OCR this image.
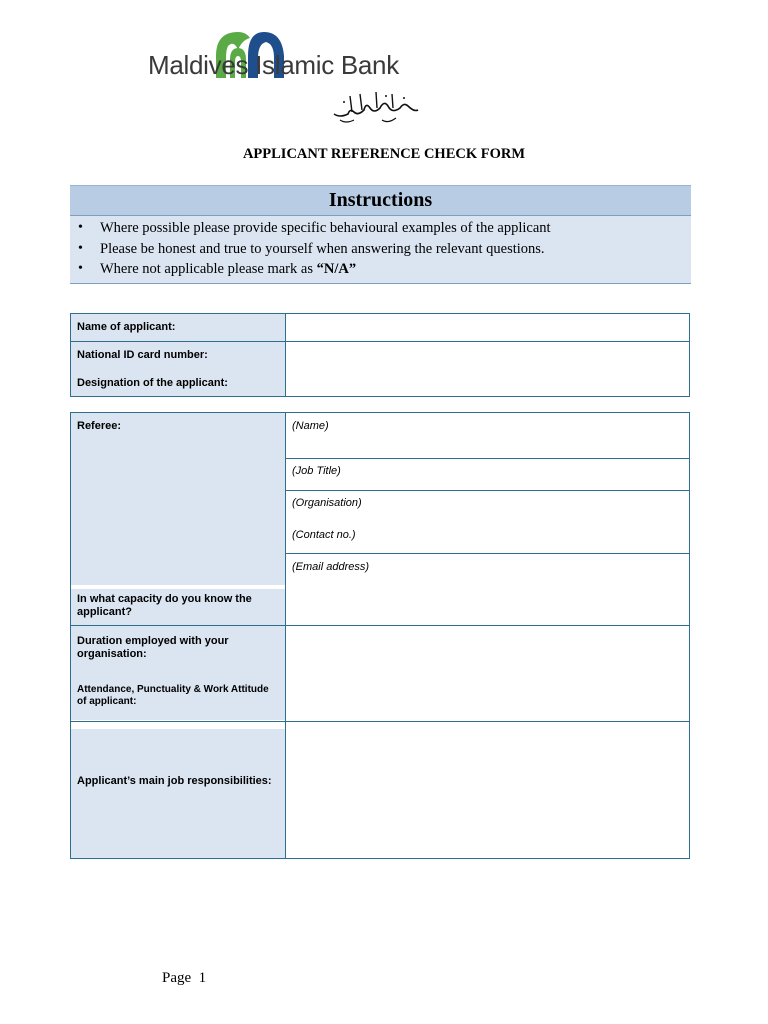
Maldives Islamic Bank
APPLICANT REFERENCE CHECK FORM
Instructions
• Where possible please provide specific behavioural examples of the applicant
• Please be honest and true to yourself when answering the relevant questions.
• Where not applicable please mark as “N/A”
Name of applicant:
National ID card number:
Designation of the applicant:
Referee:
In what capacity do you know the applicant?
Duration employed with your organisation:
Attendance, Punctuality & Work Attitude of applicant:
Applicant’s main job responsibilities:
(Name)
(Job Title)
(Organisation)
(Contact no.)
(Email address)
Page 1
